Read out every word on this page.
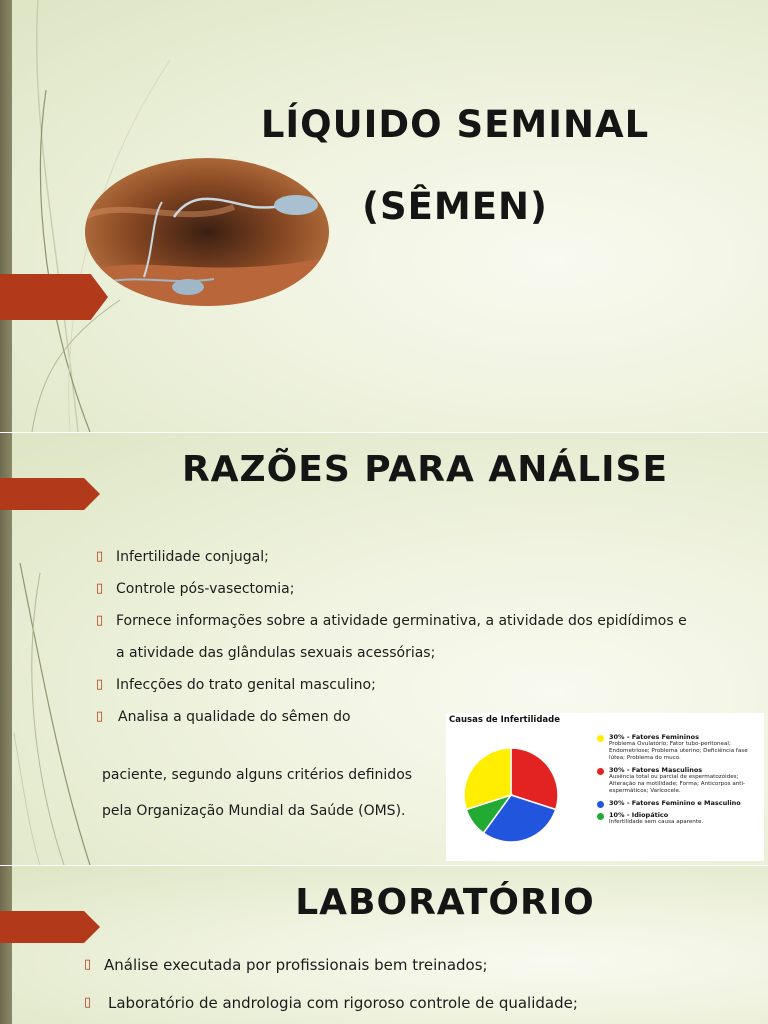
LÍQUIDO SEMINAL
(SÊMEN)
RAZÕES PARA ANÁLISE
▯ Infertilidade conjugal;
▯ Controle pós-vasectomia;
▯ Fornece informações sobre a atividade germinativa, a atividade dos epidídimos e
a atividade das glândulas sexuais acessórias;
▯ Infecções do trato genital masculino;
▯ Analisa a qualidade do sêmen do
paciente, segundo alguns critérios definidos
pela Organização Mundial da Saúde (OMS).
Causas de Infertilidade
30% - Fatores Femininos
Problema Ovulatório; Fator tubo-peritoneal; Endometriose; Problema uterino; Deficiência fase lútea; Problema do muco.
30% - Fatores Masculinos
Ausência total ou parcial de espermatozóides; Alteração na motilidade; Forma; Anticorpos anti-espermáticos; Varicocele.
30% - Fatores Feminino e Masculino
10% - Idiopático
Infertilidade sem causa aparente.
LABORATÓRIO
▯ Análise executada por profissionais bem treinados;
▯ Laboratório de andrologia com rigoroso controle de qualidade;
